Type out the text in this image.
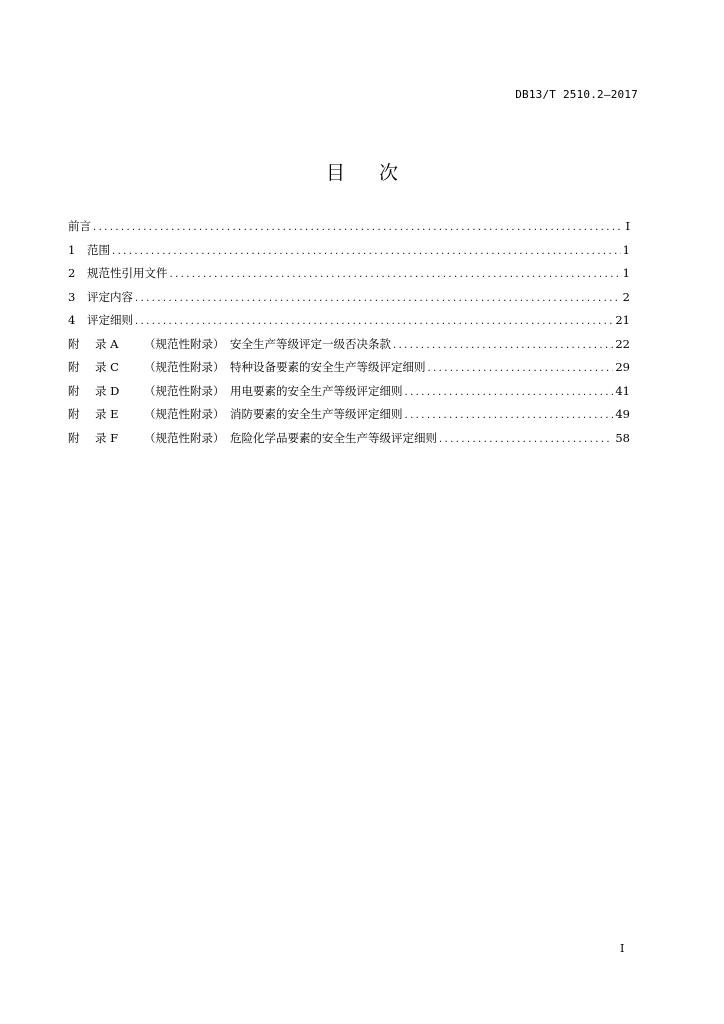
DB13/T 2510.2—2017
目 次
前言 .....	I
1	范围 .....	1
2	规范性引用文件 .....	1
3	评定内容 .....	2
4	评定细则 .....	21
附 录 A	（规范性附录） 安全生产等级评定一级否决条款 .....	22
附 录 C	（规范性附录） 特种设备要素的安全生产等级评定细则 .....	29
附 录 D	（规范性附录） 用电要素的安全生产等级评定细则 .....	41
附 录 E	（规范性附录） 消防要素的安全生产等级评定细则 .....	49
附 录 F	（规范性附录） 危险化学品要素的安全生产等级评定细则 .....	58
I
